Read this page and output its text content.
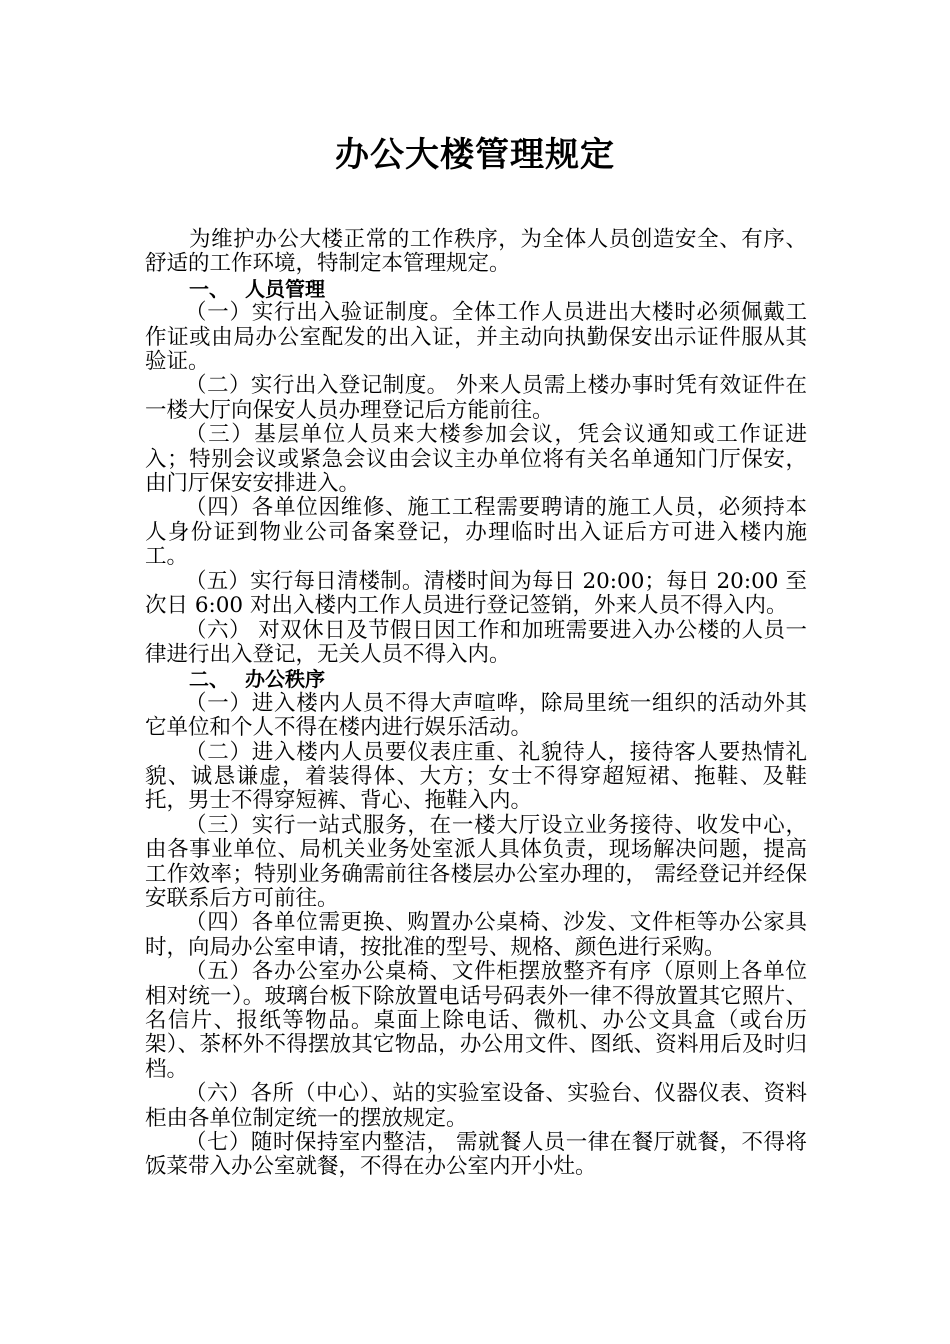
办公大楼管理规定

为维护办公大楼正常的工作秩序，为全体人员创造安全、有序、舒适的工作环境，特制定本管理规定。

一、 人员管理

（一）实行出入验证制度。全体工作人员进出大楼时必须佩戴工作证或由局办公室配发的出入证，并主动向执勤保安出示证件服从其验证。

（二）实行出入登记制度。 外来人员需上楼办事时凭有效证件在一楼大厅向保安人员办理登记后方能前往。

（三）基层单位人员来大楼参加会议，凭会议通知或工作证进入；特别会议或紧急会议由会议主办单位将有关名单通知门厅保安，由门厅保安安排进入。

（四）各单位因维修、施工工程需要聘请的施工人员，必须持本人身份证到物业公司备案登记，办理临时出入证后方可进入楼内施工。

（五）实行每日清楼制。清楼时间为每日 20:00；每日 20:00 至次日 6:00 对出入楼内工作人员进行登记签销，外来人员不得入内。

（六） 对双休日及节假日因工作和加班需要进入办公楼的人员一律进行出入登记，无关人员不得入内。

二、 办公秩序

（一）进入楼内人员不得大声喧哗，除局里统一组织的活动外其它单位和个人不得在楼内进行娱乐活动。

（二）进入楼内人员要仪表庄重、礼貌待人，接待客人要热情礼貌、诚恳谦虚，着装得体、大方；女士不得穿超短裙、拖鞋、及鞋托，男士不得穿短裤、背心、拖鞋入内。

（三）实行一站式服务，在一楼大厅设立业务接待、收发中心，由各事业单位、局机关业务处室派人具体负责，现场解决问题，提高工作效率；特别业务确需前往各楼层办公室办理的， 需经登记并经保安联系后方可前往。

（四）各单位需更换、购置办公桌椅、沙发、文件柜等办公家具时，向局办公室申请，按批准的型号、规格、颜色进行采购。

（五）各办公室办公桌椅、文件柜摆放整齐有序（原则上各单位相对统一）。玻璃台板下除放置电话号码表外一律不得放置其它照片、名信片、报纸等物品。桌面上除电话、微机、办公文具盒（或台历架）、茶杯外不得摆放其它物品，办公用文件、图纸、资料用后及时归档。

（六）各所（中心）、站的实验室设备、实验台、仪器仪表、资料柜由各单位制定统一的摆放规定。

（七）随时保持室内整洁， 需就餐人员一律在餐厅就餐，不得将饭菜带入办公室就餐，不得在办公室内开小灶。
